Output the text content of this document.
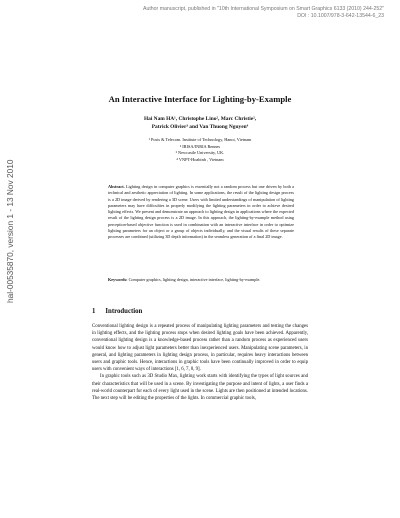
Author manuscript, published in "10th International Symposium on Smart Graphics 6133 (2010) 244-252"
DOI : 10.1007/978-3-642-13544-6_23
hal-00535870, version 1 - 13 Nov 2010
An Interactive Interface for Lighting-by-Example
Hai Nam HA¹, Christophe Lino², Marc Christie²,
Patrick Olivier³ and Van Thuong Nguyen⁴
¹ Posts & Telecom. Institute of Technology, Hanoi, Vietnam
² IRISA/INRIA Rennes
³ Newcastle University, UK.
⁴ VNPT-Hoabinh , Vietnam
Abstract. Lighting design in computer graphics is essentially not a random process but one driven by both a technical and aesthetic appreciation of lighting. In some applications, the result of the lighting design process is a 2D image derived by rendering a 3D scene. Users with limited understandings of manipulation of lighting parameters may have difficulties in properly modifying the lighting parameters in order to achieve desired lighting effects. We present and demonstrate an approach to lighting design in applications where the expected result of the lighting design process is a 2D image. In this approach, the lighting-by-example method using perception-based objective function is used in combination with an interactive interface in order to optimize lighting parameters for an object or a group of objects individually, and the visual results of these separate processes are combined (utilizing 3D depth information) in the seamless generation of a final 2D image.
Keywords: Computer graphics, lighting design, interactive interface, lighting-by-example.
1 Introduction

Conventional lighting design is a repeated process of manipulating lighting parameters and testing the changes in lighting effects, and the lighting process stops when desired lighting goals have been achieved. Apparently, conventional lighting design is a knowledge-based process rather than a random process as experienced users would know how to adjust light parameters better than inexperienced users. Manipulating scene parameters, in general, and lighting parameters in lighting design process, in particular, requires heavy interactions between users and graphic tools. Hence, interactions in graphic tools have been continually improved in order to equip users with convenient ways of interactions [1, 6, 7, 8, 9].

In graphic tools such as 3D Studio Max, lighting work starts with identifying the types of light sources and their characteristics that will be used in a scene. By investigating the purpose and intent of lights, a user finds a real-world counterpart for each of every light used in the scene. Lights are then positioned at intended locations. The next step will be editing the properties of the lights. In commercial graphic tools,
